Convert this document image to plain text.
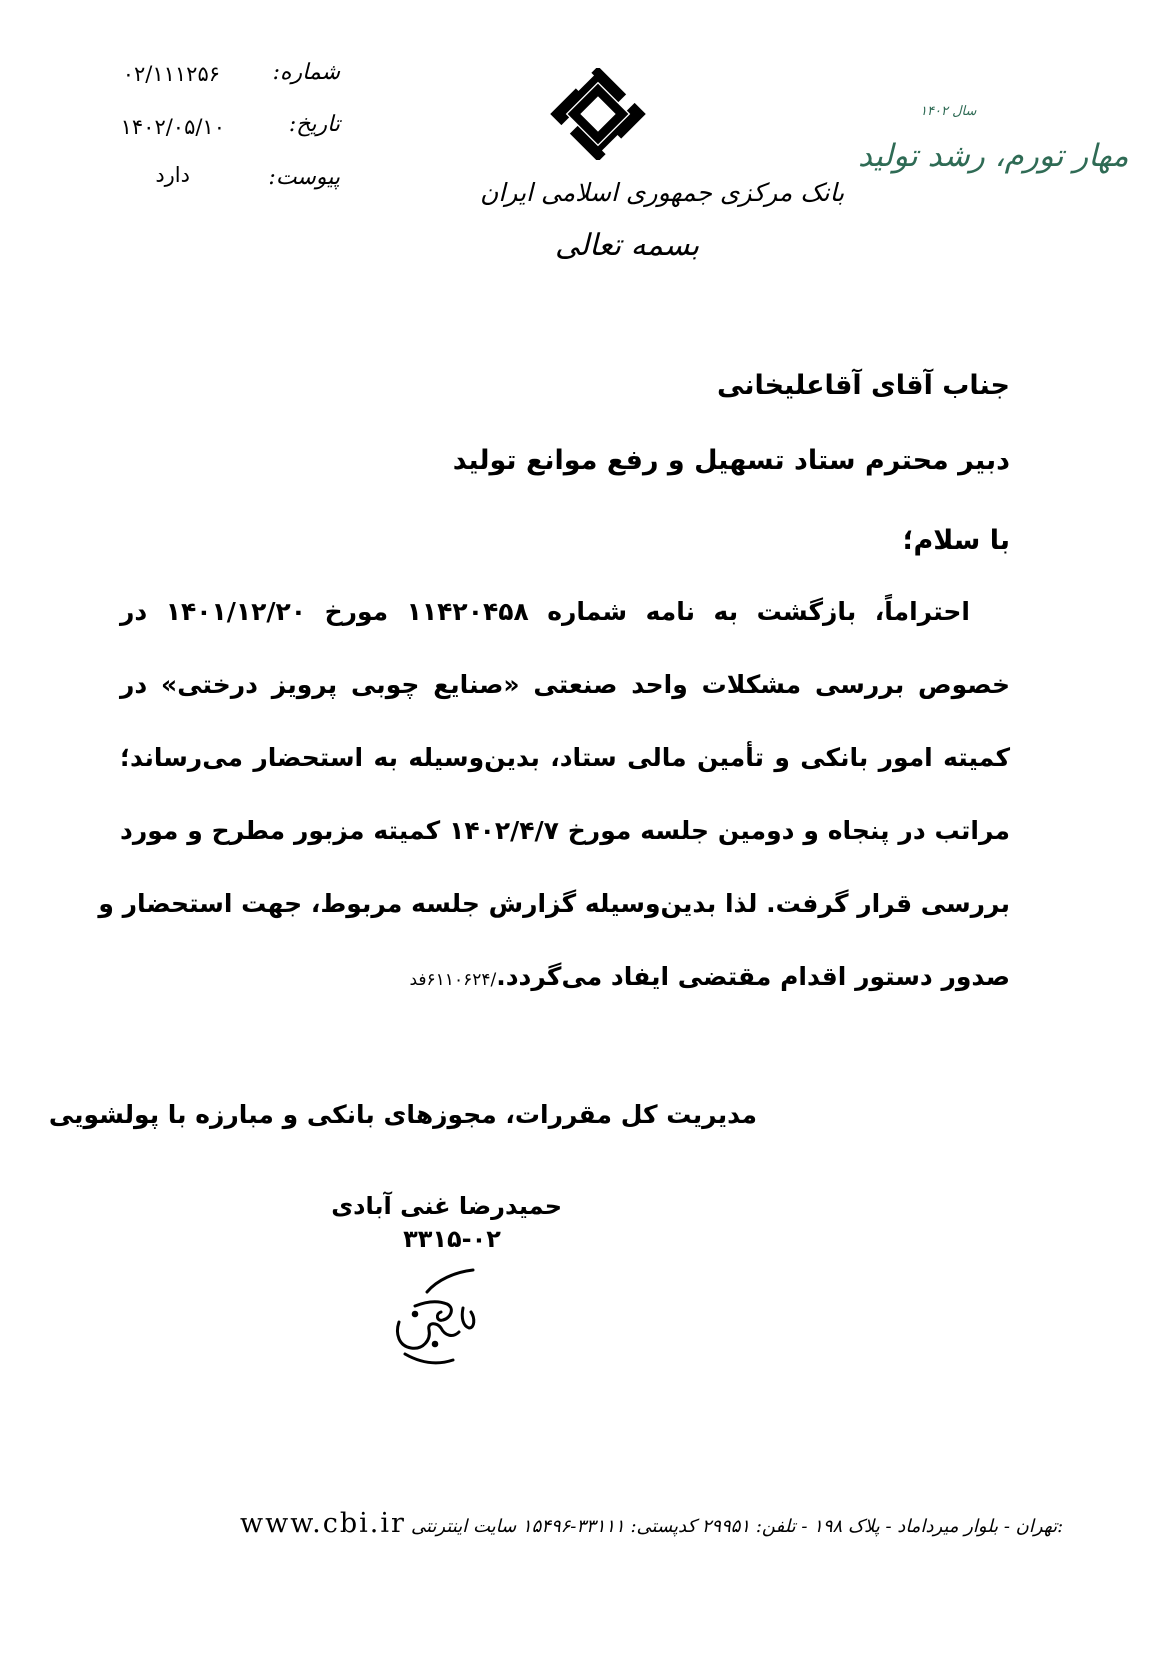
شماره:
۰۲/۱۱۱۲۵۶
تاریخ:
۱۴۰۲/۰۵/۱۰
پیوست:
دارد
بانک مرکزی جمهوری اسلامی ایران
بسمه تعالی
سال ۱۴۰۲
مهار تورم، رشد تولید
جناب آقای آقاعلیخانی
دبیر محترم ستاد تسهیل و رفع موانع تولید
با سلام؛
احتراماً، بازگشت به نامه شماره ۱۱۴۲۰۴۵۸ مورخ ۱۴۰۱/۱۲/۲۰ در
خصوص بررسی مشکلات واحد صنعتی «صنایع چوبی پرویز درختی» در
کمیته امور بانکی و تأمین مالی ستاد، بدین‌وسیله به استحضار می‌رساند؛
مراتب در پنجاه و دومین جلسه مورخ ۱۴۰۲/۴/۷ کمیته مزبور مطرح و مورد
بررسی قرار گرفت. لذا بدین‌وسیله گزارش جلسه مربوط، جهت استحضار و
صدور دستور اقدام مقتضی ایفاد می‌گردد./۶۱۱۰۶۲۴فد
مدیریت کل مقررات، مجوزهای بانکی و مبارزه با پولشویی
حمیدرضا غنی آبادی
۳۳۱۵-۰۲
www.cbi.ir تهران - بلوار میرداماد - پلاک ۱۹۸ - تلفن: ۲۹۹۵۱ کدپستی: ۳۳۱۱۱-۱۵۴۹۶ سایت اینترنتی:
